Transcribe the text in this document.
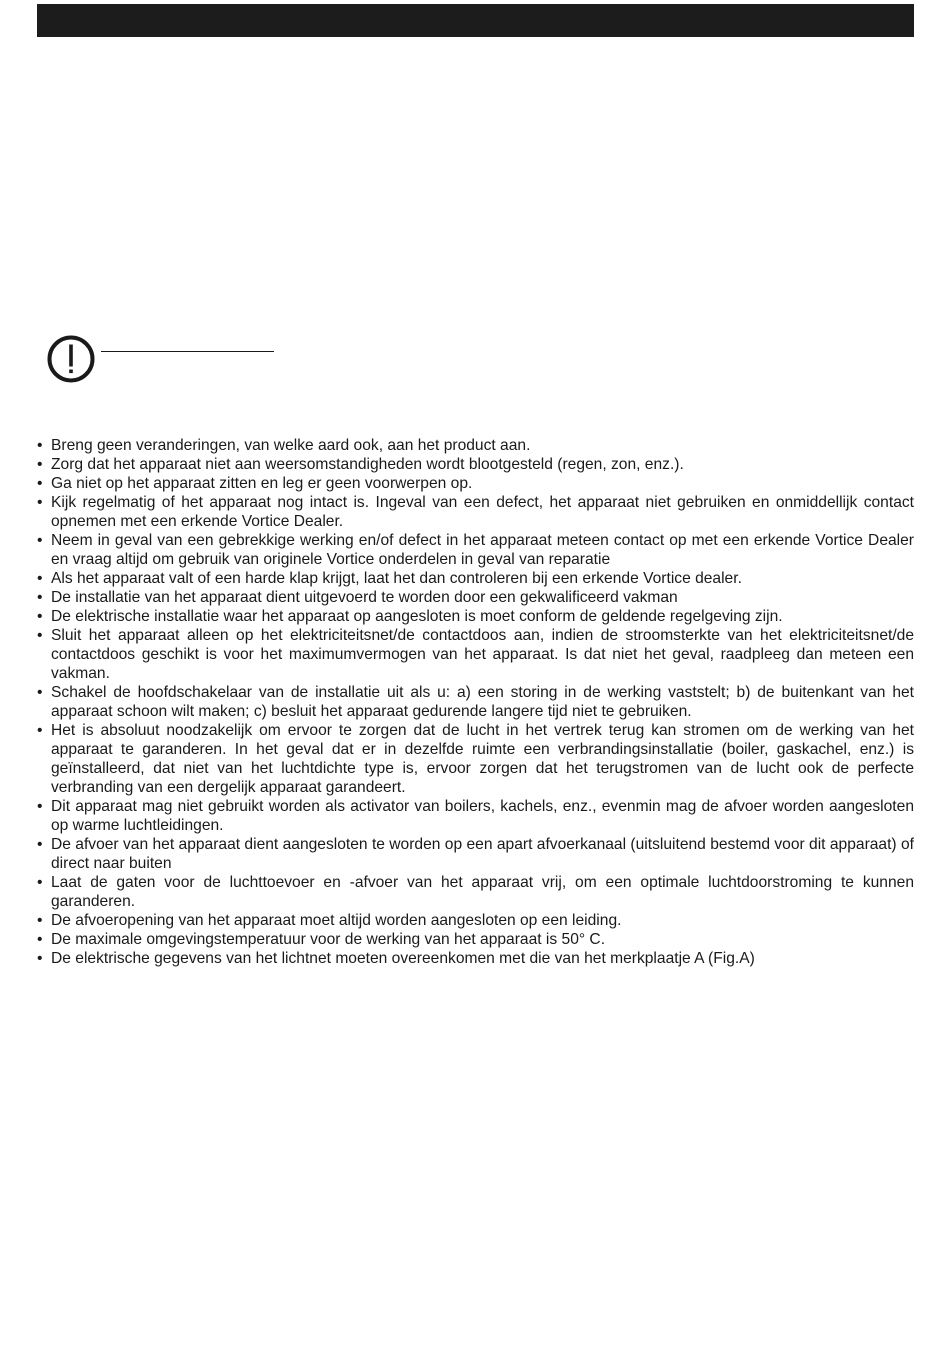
• Breng geen veranderingen, van welke aard ook, aan het product aan.
• Zorg dat het apparaat niet aan weersomstandigheden wordt blootgesteld (regen, zon, enz.).
• Ga niet op het apparaat zitten en leg er geen voorwerpen op.
• Kijk regelmatig of het apparaat nog intact is. Ingeval van een defect, het apparaat niet gebruiken en onmiddellijk contact opnemen met een erkende Vortice Dealer.
• Neem in geval van een gebrekkige werking en/of defect in het apparaat meteen contact op met een erkende Vortice Dealer en vraag altijd om gebruik van originele Vortice onderdelen in geval van reparatie
• Als het apparaat valt of een harde klap krijgt, laat het dan controleren bij een erkende Vortice dealer.
• De installatie van het apparaat dient uitgevoerd te worden door een gekwalificeerd vakman
• De elektrische installatie waar het apparaat op aangesloten is moet conform de geldende regelgeving zijn.
• Sluit het apparaat alleen op het elektriciteitsnet/de contactdoos aan, indien de stroomsterkte van het elektriciteitsnet/de contactdoos geschikt is voor het maximumvermogen van het apparaat. Is dat niet het geval, raadpleeg dan meteen een vakman.
• Schakel de hoofdschakelaar van de installatie uit als u: a) een storing in de werking vaststelt; b) de buitenkant van het apparaat schoon wilt maken; c) besluit het apparaat gedurende langere tijd niet te gebruiken.
• Het is absoluut noodzakelijk om ervoor te zorgen dat de lucht in het vertrek terug kan stromen om de werking van het apparaat te garanderen. In het geval dat er in dezelfde ruimte een verbrandingsinstallatie (boiler, gaskachel, enz.) is geïnstalleerd, dat niet van het luchtdichte type is, ervoor zorgen dat het terugstromen van de lucht ook de perfecte verbranding van een dergelijk apparaat garandeert.
• Dit apparaat mag niet gebruikt worden als activator van boilers, kachels, enz., evenmin mag de afvoer worden aangesloten op warme luchtleidingen.
• De afvoer van het apparaat dient aangesloten te worden op een apart afvoerkanaal (uitsluitend bestemd voor dit apparaat) of direct naar buiten
• Laat de gaten voor de luchttoevoer en -afvoer van het apparaat vrij, om een optimale luchtdoorstroming te kunnen garanderen.
• De afvoeropening van het apparaat moet altijd worden aangesloten op een leiding.
• De maximale omgevingstemperatuur voor de werking van het apparaat is 50° C.
• De elektrische gegevens van het lichtnet moeten overeenkomen met die van het merkplaatje A (Fig.A)
